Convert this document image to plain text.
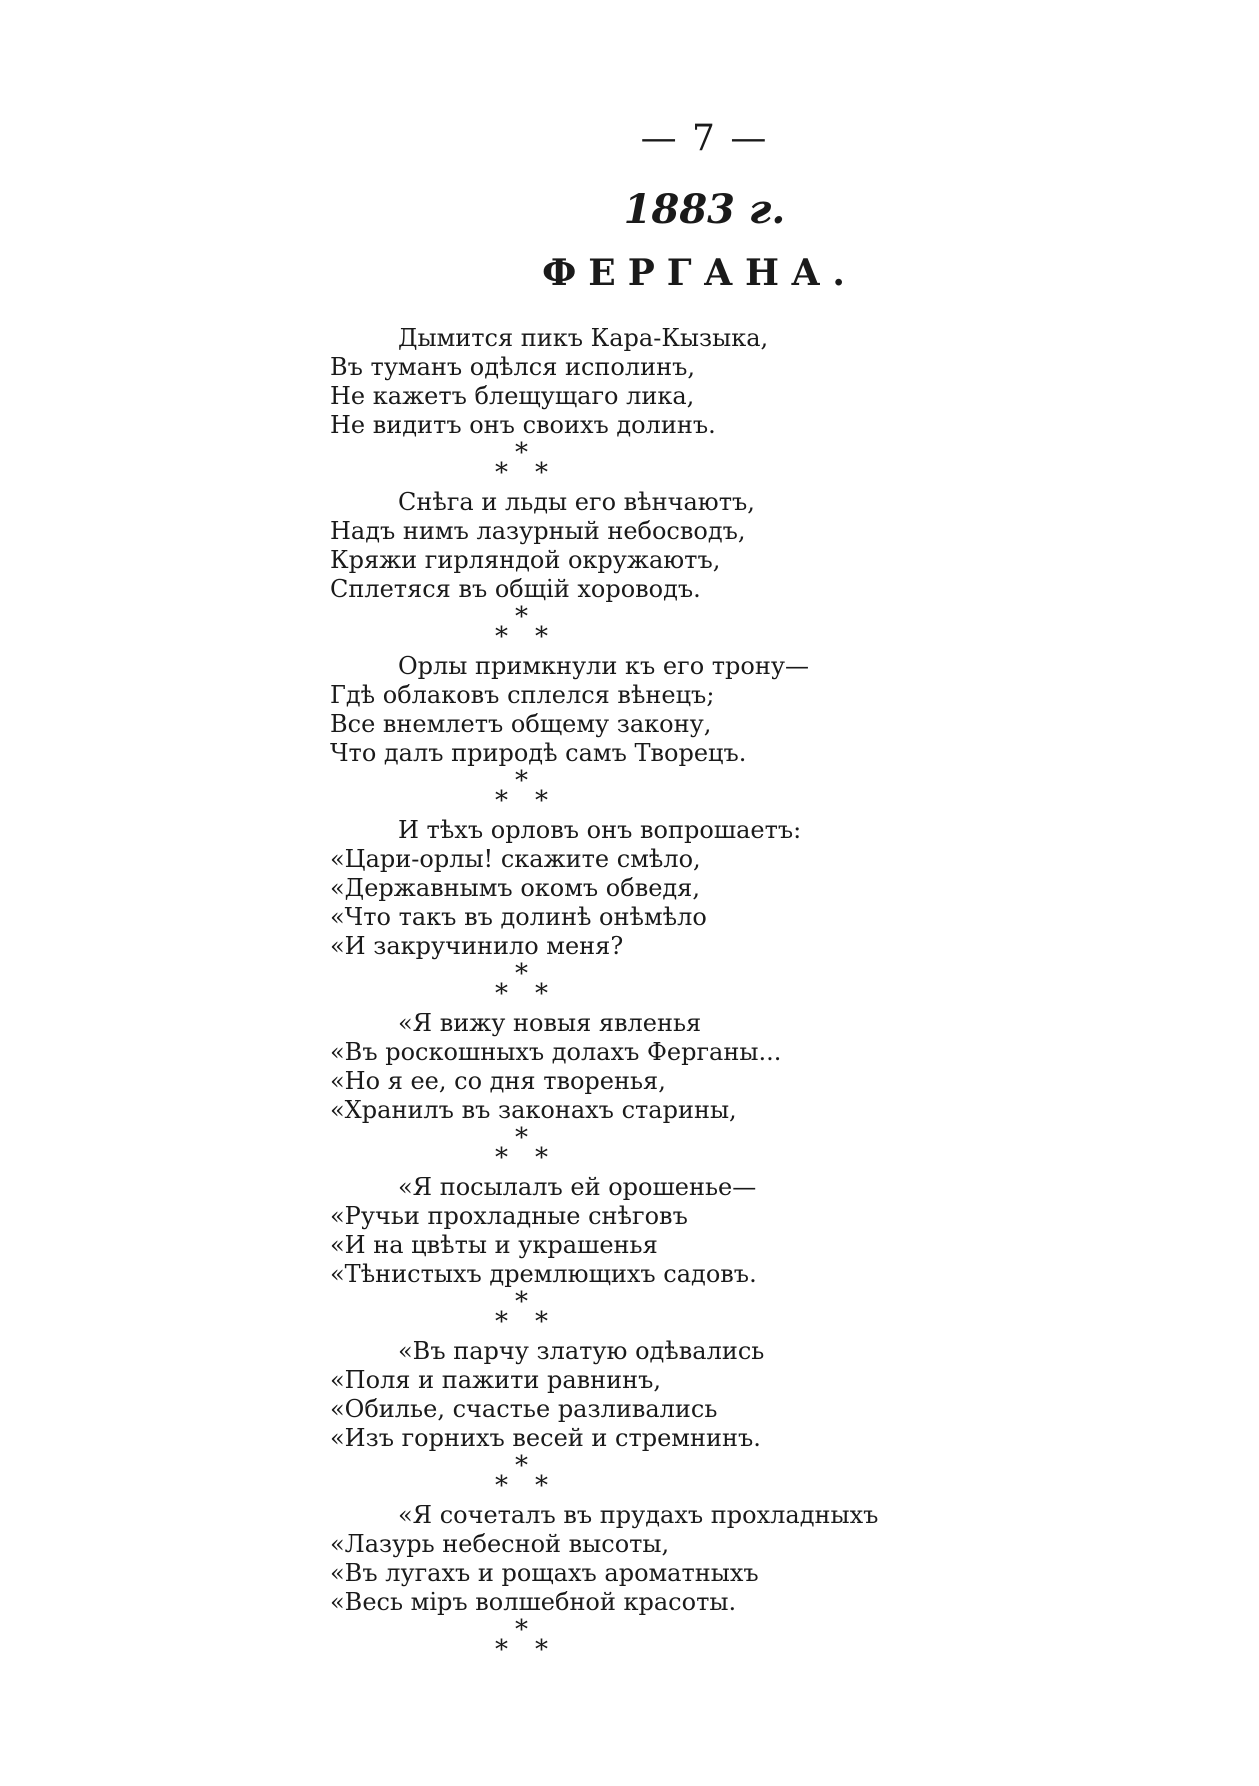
— 7 —
1883 г.
ФЕРГАНА.
Дымится пикъ Кара-Кызыка,
Въ туманъ одѣлся исполинъ,
Не кажетъ блещущаго лика,
Не видитъ онъ своихъ долинъ.
*
* *
Снѣга и льды его вѣнчаютъ,
Надъ нимъ лазурный небосводъ,
Кряжи гирляндой окружаютъ,
Сплетяся въ общій хороводъ.
*
* *
Орлы примкнули къ его трону—
Гдѣ облаковъ сплелся вѣнецъ;
Все внемлетъ общему закону,
Что далъ природѣ самъ Творецъ.
*
* *
И тѣхъ орловъ онъ вопрошаетъ:
«Цари-орлы! скажите смѣло,
«Державнымъ окомъ обведя,
«Что такъ въ долинѣ онѣмѣло
«И закручинило меня?
*
* *
«Я вижу новыя явленья
«Въ роскошныхъ долахъ Ферганы...
«Но я ее, со дня творенья,
«Хранилъ въ законахъ старины,
*
* *
«Я посылалъ ей орошенье—
«Ручьи прохладные снѣговъ
«И на цвѣты и украшенья
«Тѣнистыхъ дремлющихъ садовъ.
*
* *
«Въ парчу златую одѣвались
«Поля и пажити равнинъ,
«Обилье, счастье разливались
«Изъ горнихъ весей и стремнинъ.
*
* *
«Я сочеталъ въ прудахъ прохладныхъ
«Лазурь небесной высоты,
«Въ лугахъ и рощахъ ароматныхъ
«Весь міръ волшебной красоты.
*
* *
